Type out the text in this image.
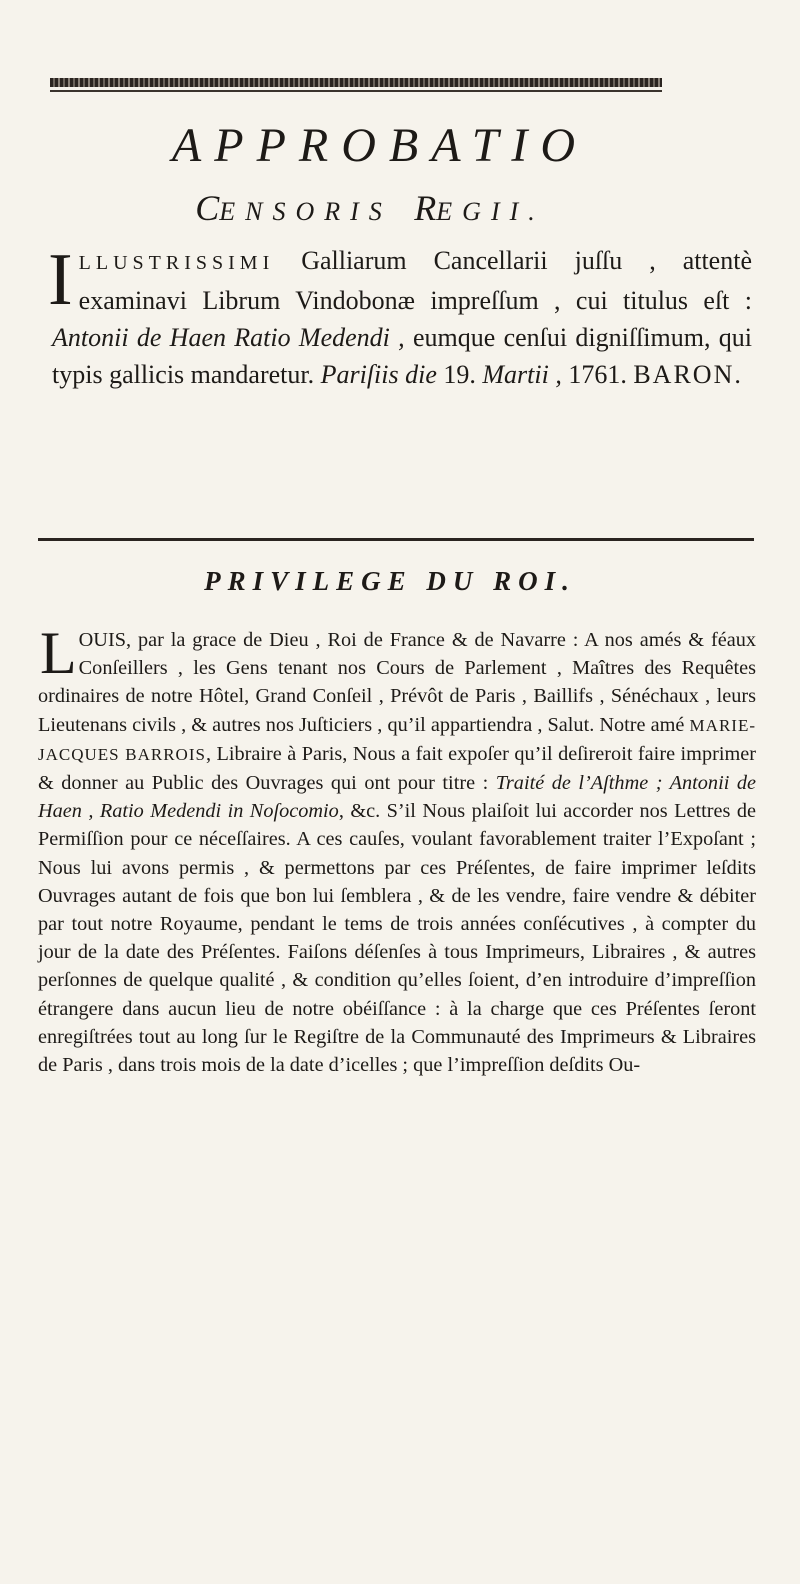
APPROBATIO
CENSORIS REGII.

ILLUSTRISSIMI Galliarum Cancellarii juſſu , attentè examinavi Librum Vindobonæ impreſſum , cui titulus eſt : Antonii de Haen Ratio Medendi , eumque cenſui digniſſimum, qui typis gallicis mandaretur. Pariſiis die 19. Martii , 1761. BARON.

PRIVILEGE DU ROI.

LOUIS, par la grace de Dieu , Roi de France & de Navarre : A nos amés & féaux Conſeillers , les Gens tenant nos Cours de Parlement , Maîtres des Requêtes ordinaires de notre Hôtel, Grand Conſeil , Prévôt de Paris , Baillifs , Sénéchaux , leurs Lieutenans civils , & autres nos Juſticiers , qu’il appartiendra , Salut. Notre amé MARIE-JACQUES BARROIS, Libraire à Paris, Nous a fait expoſer qu’il deſireroit faire imprimer & donner au Public des Ouvrages qui ont pour titre : Traité de l’Aſthme ; Antonii de Haen , Ratio Medendi in Noſocomio, &c. S’il Nous plaiſoit lui accorder nos Lettres de Permiſſion pour ce néceſſaires. A ces cauſes, voulant favorablement traiter l’Expoſant ; Nous lui avons permis , & permettons par ces Préſentes, de faire imprimer leſdits Ouvrages autant de fois que bon lui ſemblera , & de les vendre, faire vendre & débiter par tout notre Royaume, pendant le tems de trois années conſécutives , à compter du jour de la date des Préſentes. Faiſons déſenſes à tous Imprimeurs, Libraires , & autres perſonnes de quelque qualité , & condition qu’elles ſoient, d’en introduire d’impreſſion étrangere dans aucun lieu de notre obéiſſance : à la charge que ces Préſentes ſeront enregiſtrées tout au long ſur le Regiſtre de la Communauté des Imprimeurs & Libraires de Paris , dans trois mois de la date d’icelles ; que l’impreſſion deſdits Ou-
